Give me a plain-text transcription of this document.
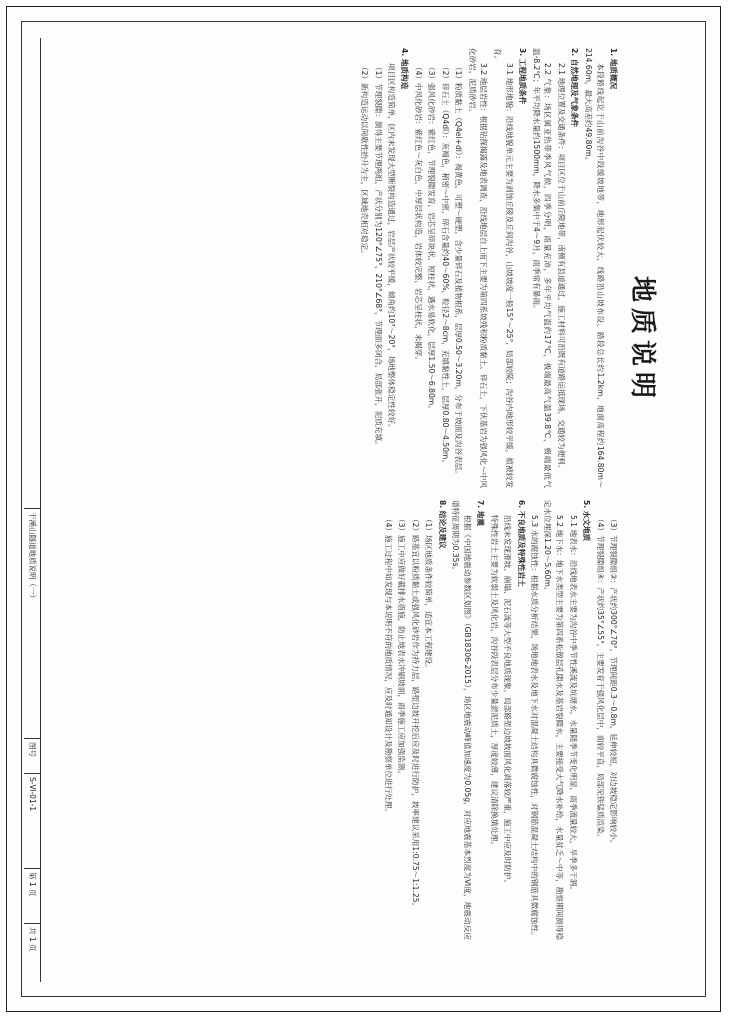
地质说明

1. 地质概况

本段路线起讫于山前沟谷中段缓坡地带，地形起伏较大，线路沿山坡布设，路段总长约1.2km，地面高程约164.80m～214.60m，最大高差约49.80m。

2. 自然地理及气象条件

2.1 地理位置及交通条件：项目区位于山前丘陵地带，南侧有县道通过，施工材料可沿既有道路运抵现场，交通较为便利。

2.2 气象：场区属亚热带季风气候，四季分明，雨量充沛，多年平均气温约17℃，极端最高气温39.8℃，极端最低气温-8.2℃；年平均降水量约1500mm，降水多集中于4～9月，雨季常有暴雨。

3. 工程地质条件

3.1 地形地貌：沿线地貌单元主要为剥蚀丘陵及丘间沟谷，山坡坡度一般15°～25°，局部较陡；沟谷内地形较平缓，植被较发育。

3.2 地层岩性：根据钻探揭露及地表调查，沿线地层自上而下主要为第四系坡残积粉质黏土、碎石土，下伏基岩为强风化～中风化砂岩、泥质砂岩。

（1）粉质黏土（Q4el+dl）：褐黄色，可塑～硬塑，含少量碎石及植物根系，层厚0.50～3.20m，分布于坡面及沟谷表层。

（2）碎石土（Q4dl）：灰褐色，稍密～中密，碎石含量约40～60%，粒径2～8cm，充填黏性土，层厚0.80～4.50m。

（3）强风化砂岩：紫红色，节理裂隙发育，岩芯呈碎块状、短柱状，遇水易软化，层厚1.50～6.80m。

（4）中风化砂岩：紫红色～灰白色，中厚层状构造，岩体较完整，岩芯呈柱状，未揭穿。

4. 地质构造

项目区构造简单，区内未发现大型断裂构造通过，岩层产状较平缓，倾角约10°～20°，场地整体稳定性较好。

（1）节理裂隙：测得主要节理两组，产状分别为120°∠75°、210°∠68°，节理面多闭合，局部张开，泥质充填。

（2）新构造运动以间歇性抬升为主，区域地壳相对稳定。

（3）节理裂隙组③：产状约300°∠70°，节理间距0.3～0.8m，延伸较短，对边坡稳定影响较小。

（4）节理裂隙组④：产状约35°∠55°，主要发育于强风化层中，面较平直，局部见铁锰质渲染。

5. 水文地质

5.1 地表水：沿线地表水主要为沟谷中季节性溪流及坑塘水，水量随季节变化明显，雨季流量较大，旱季多干涸。

5.2 地下水：地下水类型主要为第四系松散层孔隙水及基岩裂隙水，主要接受大气降水补给，水量贫乏～中等，勘察期间测得稳定水位埋深1.20～5.60m。

5.3 水的腐蚀性：根据水质分析结果，场地地表水及地下水对混凝土结构具微腐蚀性，对钢筋混凝土结构中的钢筋具微腐蚀性。

6. 不良地质及特殊性岩土

沿线未发现滑坡、崩塌、泥石流等大型不良地质现象，局部路堑边坡坡面风化剥落较严重，施工中应及时防护。

特殊性岩土主要为软弱土及风化岩，沟谷段表层分布少量淤泥质土，厚度较薄，建议清除换填处理。

7. 地震

根据《中国地震动参数区划图》（GB18306-2015），场区地震动峰值加速度为0.05g，对应地震基本烈度为Ⅵ度，地震动反应谱特征周期为0.35s。

8. 结论及建议

（1）场区地质条件较简单，适宜本工程建设。

（2）路基宜以粉质黏土或强风化砂岩作为持力层，路堑边坡开挖后应及时进行防护，坡率建议采用1:0.75～1:1.25。

（3）施工中应做好截排水措施，防止地表水冲刷坡面，雨季施工应加强监测。

（4）施工过程中如发现与本说明不符的地质情况，应及时通知设计及勘察单位进行处理。

干溪山隧道地质说明（一）
图号
S-Ⅵ-01-1
第 1 页
共 1 页
